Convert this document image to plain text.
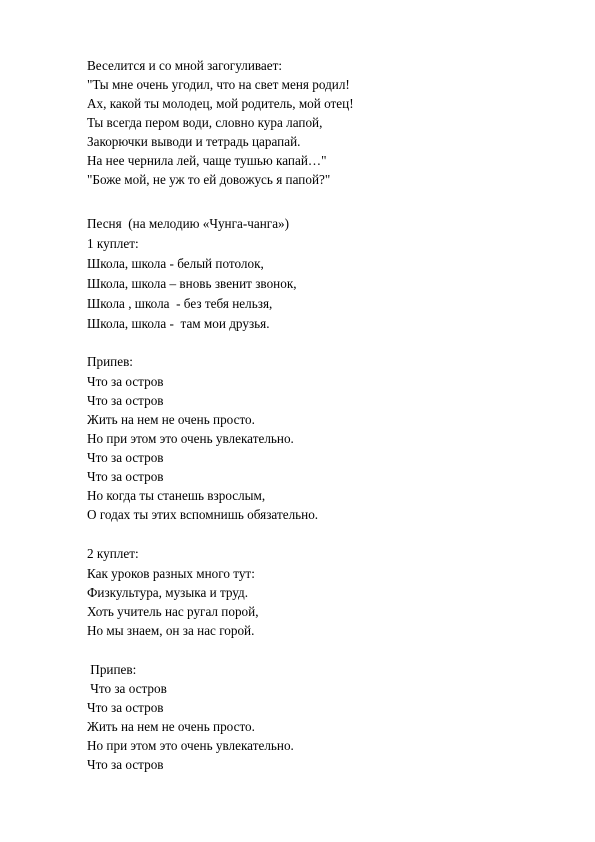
Веселится и со мной загогуливает:

"Ты мне очень угодил, что на свет меня родил!

Ах, какой ты молодец, мой родитель, мой отец!

Ты всегда пером води, словно кура лапой,

Закорючки выводи и тетрадь царапай.

На нее чернила лей, чаще тушью капай…"

"Боже мой, не уж то ей довожусь я папой?"

Песня  (на мелодию «Чунга-чанга»)

1 куплет:

Школа, школа - белый потолок,

Школа, школа – вновь звенит звонок,

Школа , школа  - без тебя нельзя,

Школа, школа -  там мои друзья.

Припев:

Что за остров

Что за остров

Жить на нем не очень просто.

Но при этом это очень увлекательно.

Что за остров

Что за остров

Но когда ты станешь взрослым,

О годах ты этих вспомнишь обязательно.

2 куплет:

Как уроков разных много тут:

Физкультура, музыка и труд.

Хоть учитель нас ругал порой,

Но мы знаем, он за нас горой.

Припев:

Что за остров

Что за остров

Жить на нем не очень просто.

Но при этом это очень увлекательно.

Что за остров
